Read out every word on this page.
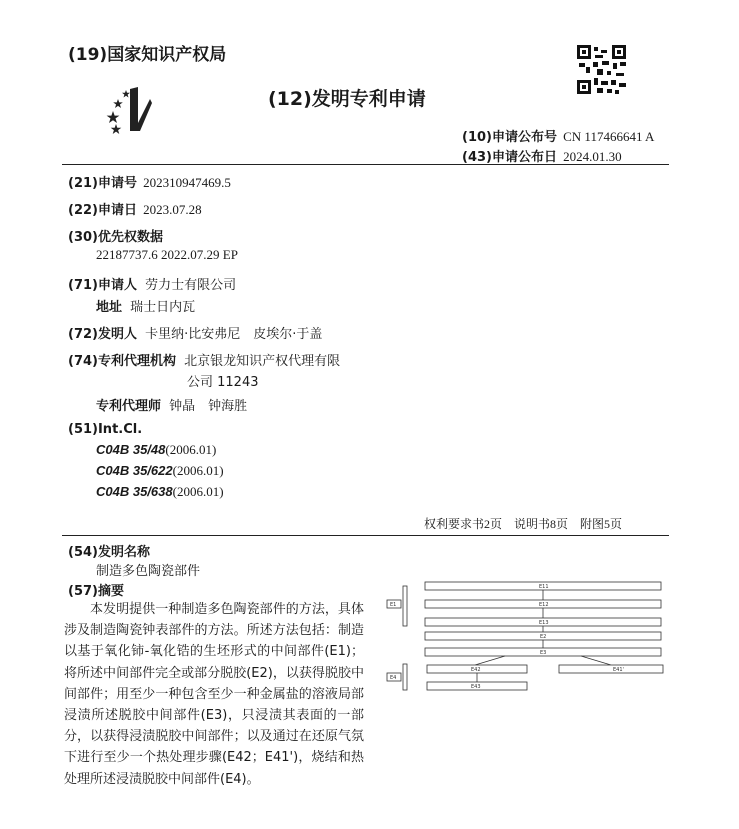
(19)国家知识产权局
(12)发明专利申请
(10)申请公布号 CN 117466641 A
(43)申请公布日 2024.01.30
(21)申请号 202310947469.5
(22)申请日 2023.07.28
(30)优先权数据
22187737.6 2022.07.29 EP
(71)申请人 劳力士有限公司
地址 瑞士日内瓦
(72)发明人 卡里纳·比安弗尼　皮埃尔·于盖
(74)专利代理机构 北京银龙知识产权代理有限
公司 11243
专利代理师 钟晶　钟海胜
(51)Int.Cl.
C04B 35/48(2006.01)
C04B 35/622(2006.01)
C04B 35/638(2006.01)
权利要求书2页　说明书8页　附图5页
(54)发明名称
制造多色陶瓷部件
(57)摘要

本发明提供一种制造多色陶瓷部件的方法，具体涉及制造陶瓷钟表部件的方法。所述方法包括：制造以基于氧化铈-氧化锆的生坯形式的中间部件(E1)；将所述中间部件完全或部分脱胶(E2)，以获得脱胶中间部件；用至少一种包含至少一种金属盐的溶液局部浸渍所述脱胶中间部件(E3)，只浸渍其表面的一部分，以获得浸渍脱胶中间部件；以及通过在还原气氛下进行至少一个热处理步骤(E42；E41')，烧结和热处理所述浸渍脱胶中间部件(E4)。

E1
E11
E12
E13
E2
E3
E4
E42	E41'
E43
